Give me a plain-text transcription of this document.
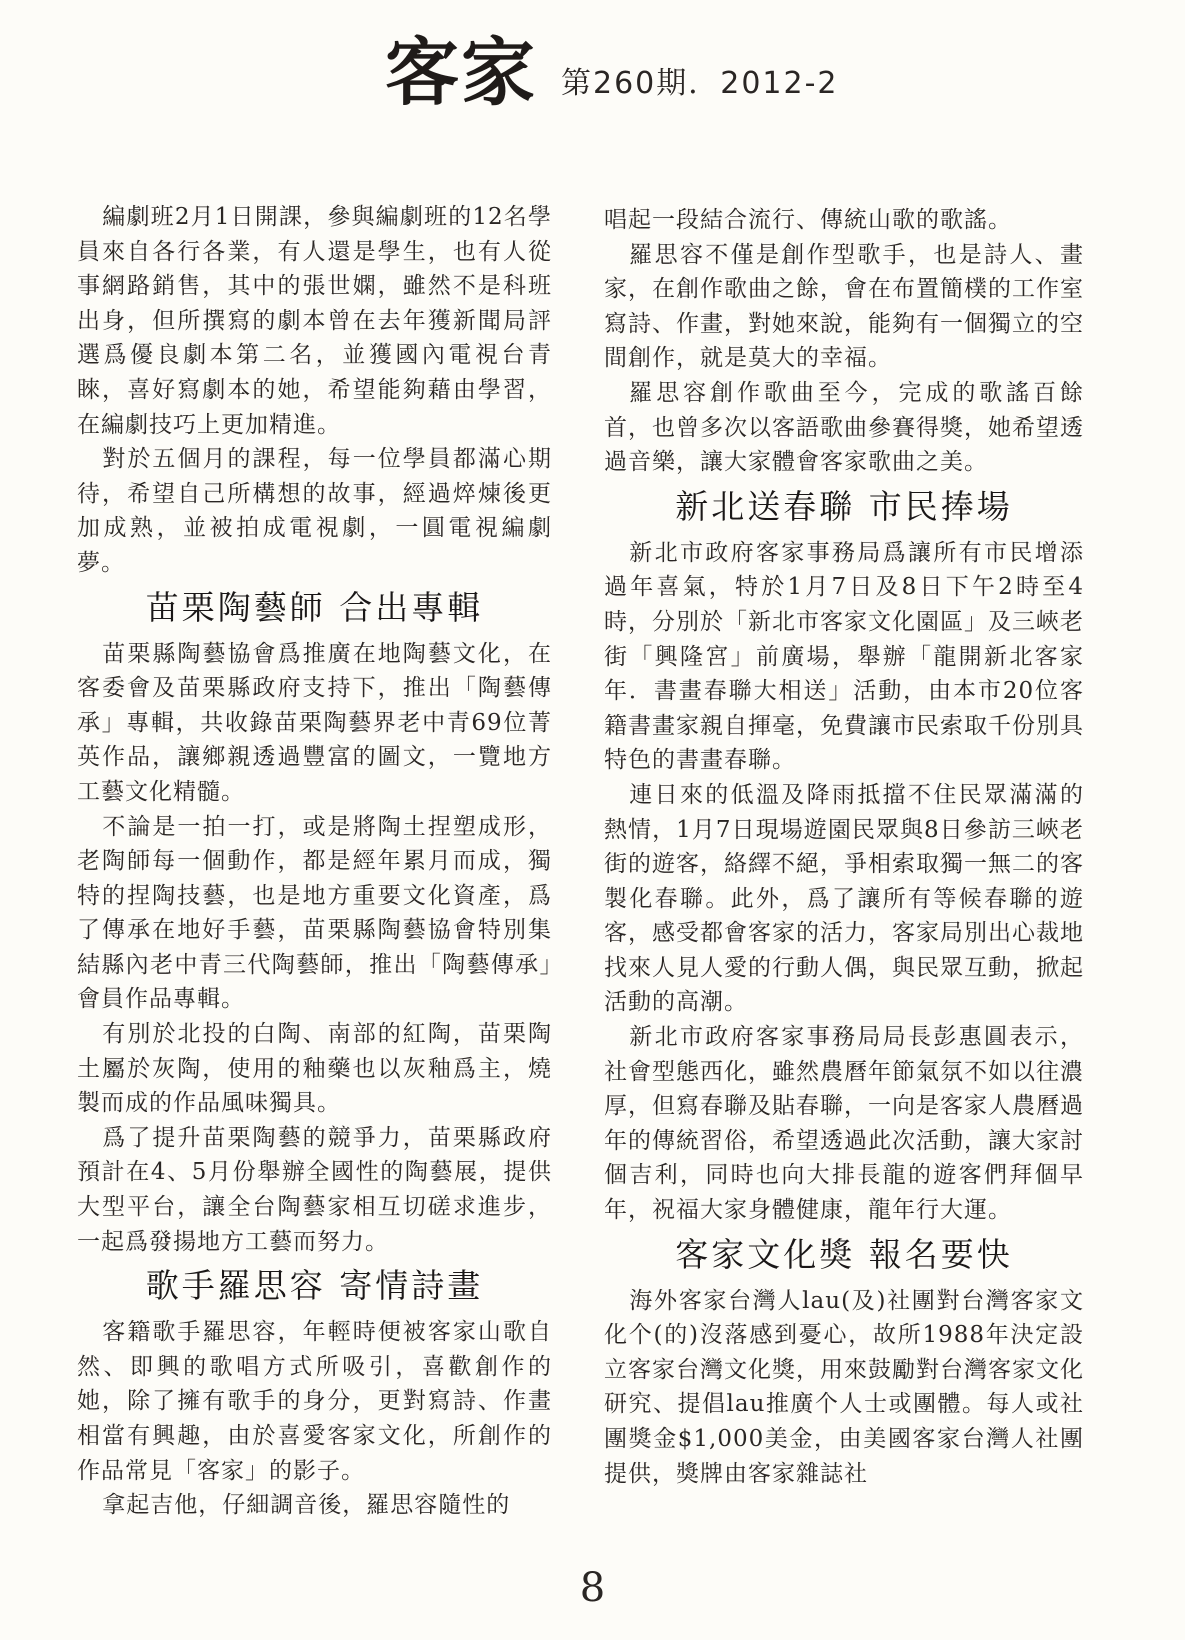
客家 第260期．2012-2

編劇班2月1日開課，參與編劇班的12名學員來自各行各業，有人還是學生，也有人從事網路銷售，其中的張世嫻，雖然不是科班出身，但所撰寫的劇本曾在去年獲新聞局評選爲優良劇本第二名，並獲國內電視台青睞，喜好寫劇本的她，希望能夠藉由學習，在編劇技巧上更加精進。

對於五個月的課程，每一位學員都滿心期待，希望自己所構想的故事，經過焠煉後更加成熟，並被拍成電視劇，一圓電視編劇夢。

苗栗陶藝師 合出專輯

苗栗縣陶藝協會爲推廣在地陶藝文化，在客委會及苗栗縣政府支持下，推出「陶藝傳承」專輯，共收錄苗栗陶藝界老中青69位菁英作品，讓鄉親透過豐富的圖文，一覽地方工藝文化精髓。

不論是一拍一打，或是將陶土捏塑成形，老陶師每一個動作，都是經年累月而成，獨特的捏陶技藝，也是地方重要文化資產，爲了傳承在地好手藝，苗栗縣陶藝協會特別集結縣內老中青三代陶藝師，推出「陶藝傳承」會員作品專輯。

有別於北投的白陶、南部的紅陶，苗栗陶土屬於灰陶，使用的釉藥也以灰釉爲主，燒製而成的作品風味獨具。

爲了提升苗栗陶藝的競爭力，苗栗縣政府預計在4、5月份舉辦全國性的陶藝展，提供大型平台，讓全台陶藝家相互切磋求進步，一起爲發揚地方工藝而努力。

歌手羅思容 寄情詩畫

客籍歌手羅思容，年輕時便被客家山歌自然、即興的歌唱方式所吸引，喜歡創作的她，除了擁有歌手的身分，更對寫詩、作畫相當有興趣，由於喜愛客家文化，所創作的作品常見「客家」的影子。

拿起吉他，仔細調音後，羅思容隨性的

唱起一段結合流行、傳統山歌的歌謠。

羅思容不僅是創作型歌手，也是詩人、畫家，在創作歌曲之餘，會在布置簡樸的工作室寫詩、作畫，對她來說，能夠有一個獨立的空間創作，就是莫大的幸福。

羅思容創作歌曲至今，完成的歌謠百餘首，也曾多次以客語歌曲參賽得獎，她希望透過音樂，讓大家體會客家歌曲之美。

新北送春聯 市民捧場

新北市政府客家事務局爲讓所有市民增添過年喜氣，特於1月7日及8日下午2時至4時，分別於「新北市客家文化園區」及三峽老街「興隆宮」前廣場，舉辦「龍開新北客家年．書畫春聯大相送」活動，由本市20位客籍書畫家親自揮毫，免費讓市民索取千份別具特色的書畫春聯。

連日來的低溫及降雨抵擋不住民眾滿滿的熱情，1月7日現場遊園民眾與8日參訪三峽老街的遊客，絡繹不絕，爭相索取獨一無二的客製化春聯。此外，爲了讓所有等候春聯的遊客，感受都會客家的活力，客家局別出心裁地找來人見人愛的行動人偶，與民眾互動，掀起活動的高潮。

新北市政府客家事務局局長彭惠圓表示，社會型態西化，雖然農曆年節氣氛不如以往濃厚，但寫春聯及貼春聯，一向是客家人農曆過年的傳統習俗，希望透過此次活動，讓大家討個吉利，同時也向大排長龍的遊客們拜個早年，祝福大家身體健康，龍年行大運。

客家文化獎 報名要快

海外客家台灣人lau(及)社團對台灣客家文化个(的)沒落感到憂心，故所1988年決定設立客家台灣文化獎，用來鼓勵對台灣客家文化研究、提倡lau推廣个人士或團體。每人或社團獎金$1,000美金，由美國客家台灣人社團提供，獎牌由客家雜誌社

8
